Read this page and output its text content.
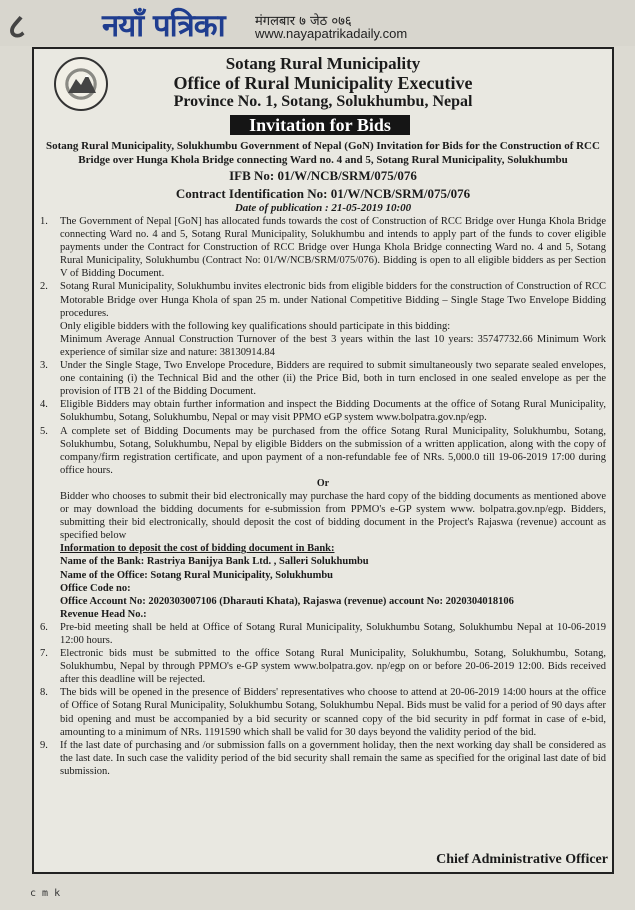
८ नयाँ पत्रिका मंगलबार ७ जेठ ०७६
www.nayapatrikadaily.com
Sotang Rural Municipality
Office of Rural Municipality Executive
Province No. 1, Sotang, Solukhumbu, Nepal
Invitation for Bids
Sotang Rural Municipality, Solukhumbu Government of Nepal (GoN) Invitation for Bids for the Construction of RCC Bridge over Hunga Khola Bridge connecting Ward no. 4 and 5, Sotang Rural Municipality, Solukhumbu
IFB No: 01/W/NCB/SRM/075/076
Contract Identification No: 01/W/NCB/SRM/075/076
Date of publication : 21-05-2019 10:00
1.	The Government of Nepal [GoN] has allocated funds towards the cost of Construction of RCC Bridge over Hunga Khola Bridge connecting Ward no. 4 and 5, Sotang Rural Municipality, Solukhumbu and intends to apply part of the funds to cover eligible payments under the Contract for Construction of RCC Bridge over Hunga Khola Bridge connecting Ward no. 4 and 5, Sotang Rural Municipality, Solukhumbu (Contract No: 01/W/NCB/SRM/075/076). Bidding is open to all eligible bidders as per Section V of Bidding Document.
2.	Sotang Rural Municipality, Solukhumbu invites electronic bids from eligible bidders for the construction of Construction of RCC Motorable Bridge over Hunga Khola of span 25 m. under National Competitive Bidding – Single Stage Two Envelope Bidding procedures.
Only eligible bidders with the following key qualifications should participate in this bidding:
Minimum Average Annual Construction Turnover of the best 3 years within the last 10 years: 35747732.66 Minimum Work experience of similar size and nature: 38130914.84
3.	Under the Single Stage, Two Envelope Procedure, Bidders are required to submit simultaneously two separate sealed envelopes, one containing (i) the Technical Bid and the other (ii) the Price Bid, both in turn enclosed in one sealed envelope as per the provision of ITB 21 of the Bidding Document.
4.	Eligible Bidders may obtain further information and inspect the Bidding Documents at the office of Sotang Rural Municipality, Solukhumbu, Sotang, Solukhumbu, Nepal or may visit PPMO eGP system www.bolpatra.gov.np/egp.
5.	A complete set of Bidding Documents may be purchased from the office Sotang Rural Municipality, Solukhumbu, Sotang, Solukhumbu, Sotang, Solukhumbu, Nepal by eligible Bidders on the submission of a written application, along with the copy of company/firm registration certificate, and upon payment of a non-refundable fee of NRs. 5,000.0 till 19-06-2019 17:00 during office hours.
Or
Bidder who chooses to submit their bid electronically may purchase the hard copy of the bidding documents as mentioned above or may download the bidding documents for e-submission from PPMO's e-GP system www. bolpatra.gov.np/egp. Bidders, submitting their bid electronically, should deposit the cost of bidding document in the Project's Rajaswa (revenue) account as specified below
Information to deposit the cost of bidding document in Bank:
Name of the Bank: Rastriya Banijya Bank Ltd. , Salleri Solukhumbu
Name of the Office: Sotang Rural Municipality, Solukhumbu
Office Code no:
Office Account No: 2020303007106 (Dharauti Khata), Rajaswa (revenue) account No: 2020304018106
Revenue Head No.:
6.	Pre-bid meeting shall be held at Office of Sotang Rural Municipality, Solukhumbu Sotang, Solukhumbu Nepal at 10-06-2019 12:00 hours.
7.	Electronic bids must be submitted to the office Sotang Rural Municipality, Solukhumbu, Sotang, Solukhumbu, Sotang, Solukhumbu, Nepal by through PPMO's e-GP system www.bolpatra.gov. np/egp on or before 20-06-2019 12:00. Bids received after this deadline will be rejected.
8.	The bids will be opened in the presence of Bidders' representatives who choose to attend at 20-06-2019 14:00 hours at the office of Office of Sotang Rural Municipality, Solukhumbu Sotang, Solukhumbu Nepal. Bids must be valid for a period of 90 days after bid opening and must be accompanied by a bid security or scanned copy of the bid security in pdf format in case of e-bid, amounting to a minimum of NRs. 1191590 which shall be valid for 30 days beyond the validity period of the bid.
9.	If the last date of purchasing and /or submission falls on a government holiday, then the next working day shall be considered as the last date. In such case the validity period of the bid security shall remain the same as specified for the original last date of bid submission.
Chief Administrative Officer
c m k
